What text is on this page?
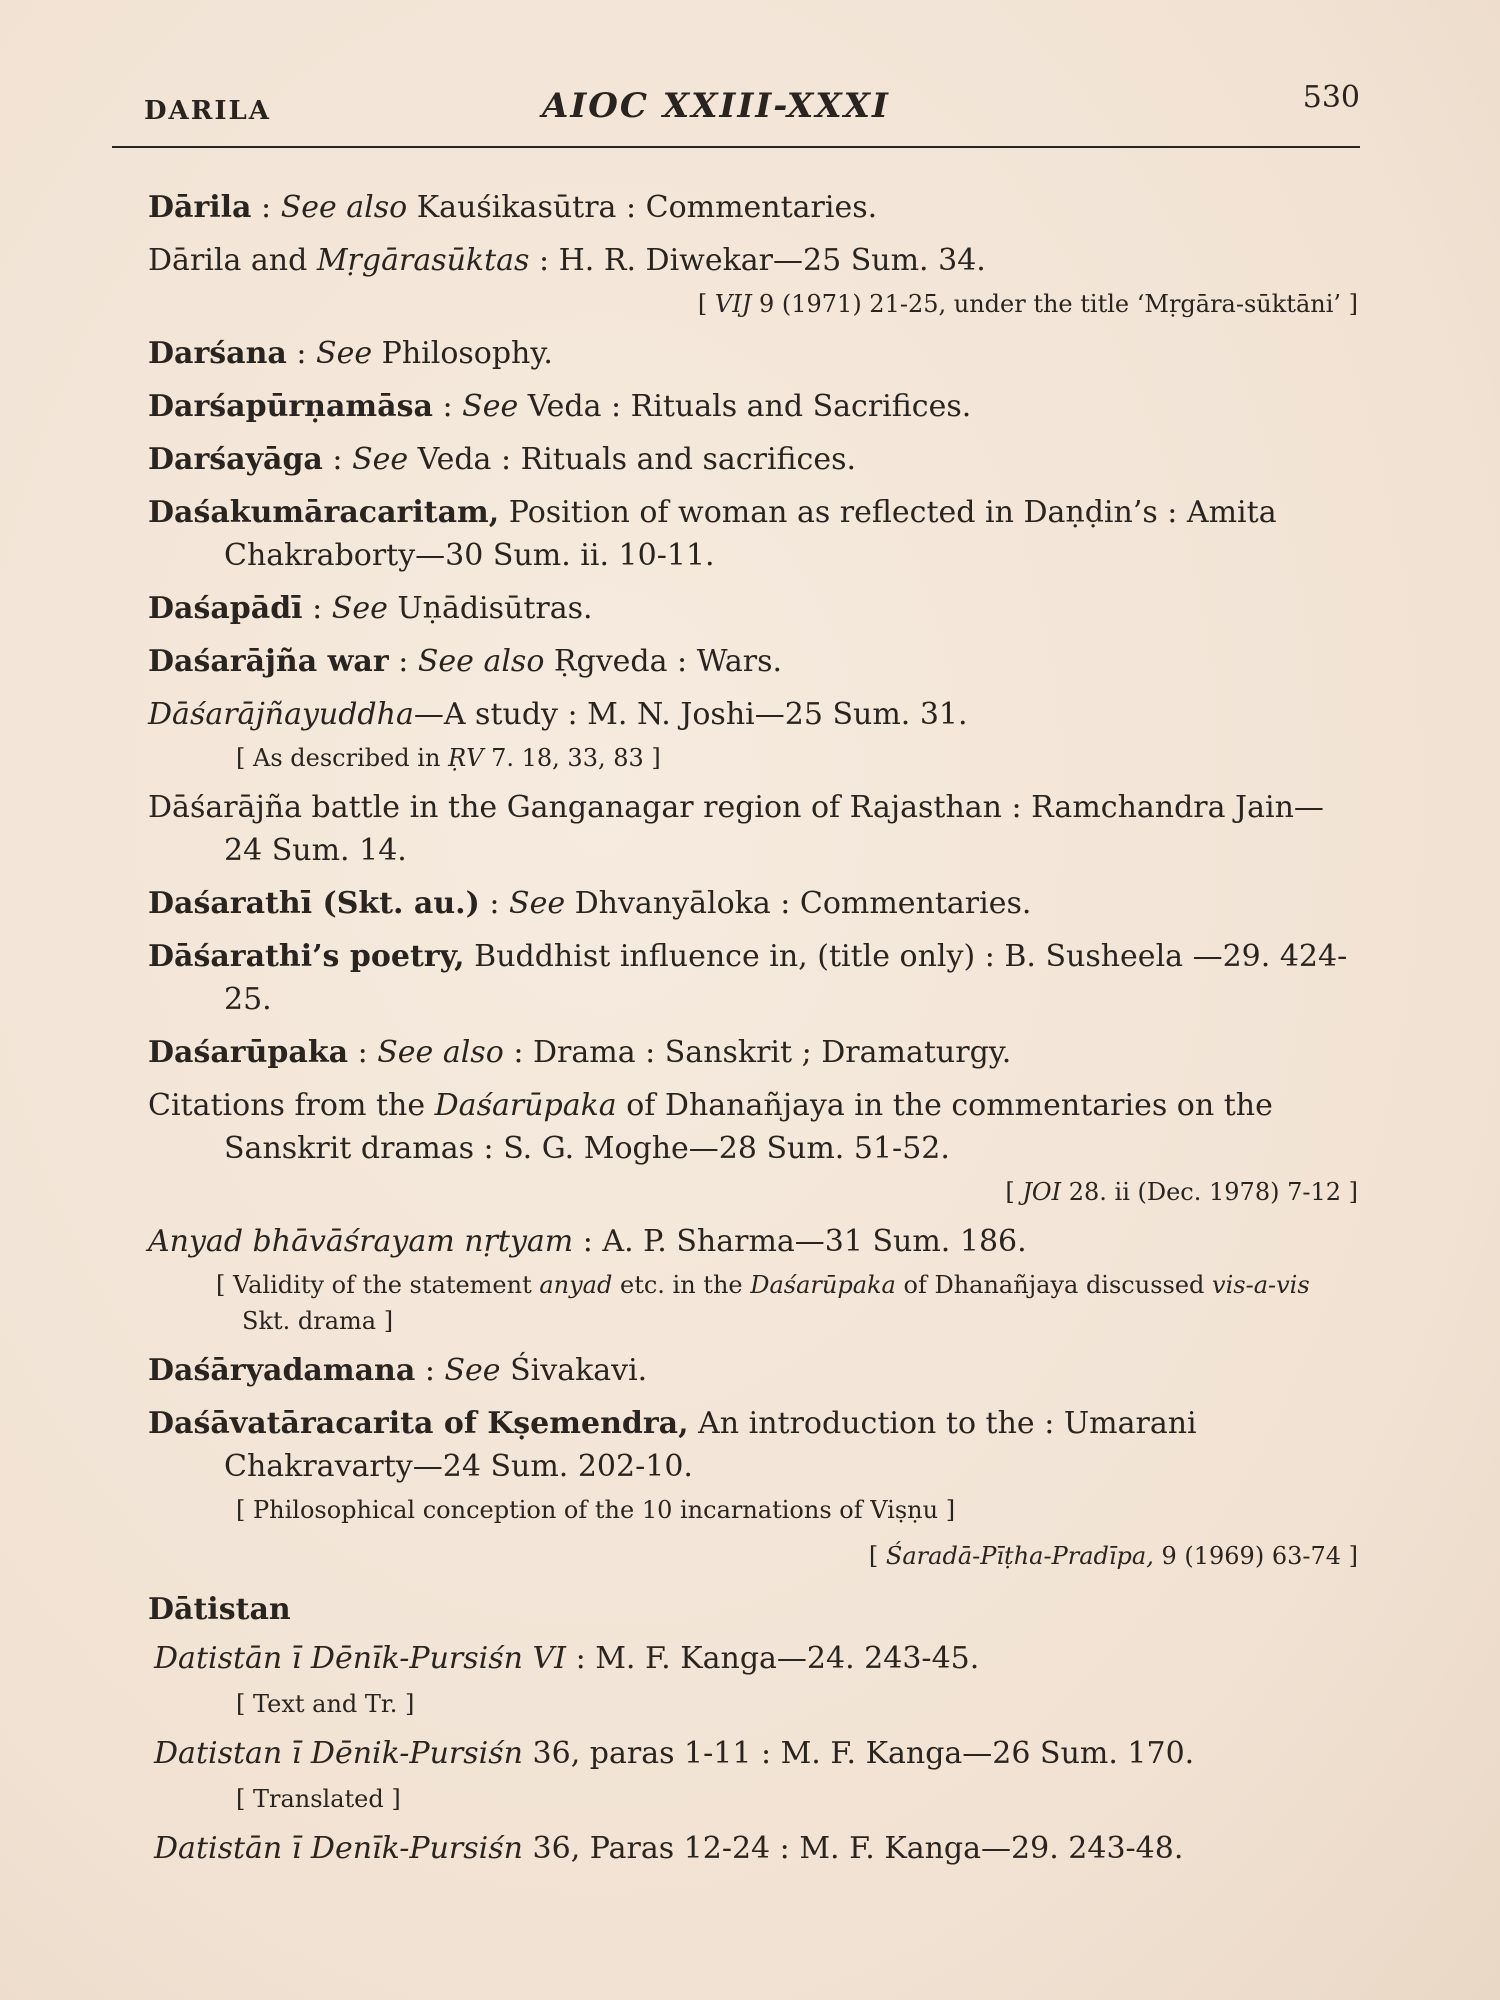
DARILA	AIOC XXIII-XXXI	530
Dārila : See also Kauśikasūtra : Commentaries.
Dārila and Mṛgārasūktas : H. R. Diwekar—25 Sum. 34.
[ VIJ 9 (1971) 21-25, under the title ‘Mṛgāra-sūktāni’ ]
Darśana : See Philosophy.
Darśapūrṇamāsa : See Veda : Rituals and Sacrifices.
Darśayāga : See Veda : Rituals and sacrifices.
Daśakumāracaritam, Position of woman as reflected in Daṇḍin’s : Amita Chakraborty—30 Sum. ii. 10-11.
Daśapādī : See Uṇādisūtras.
Daśarājña war : See also Ṛgveda : Wars.
Dāśarājñayuddha—A study : M. N. Joshi—25 Sum. 31.
[ As described in ṚV 7. 18, 33, 83 ]
Dāśarājña battle in the Ganganagar region of Rajasthan : Ramchandra Jain—24 Sum. 14.
Daśarathī (Skt. au.) : See Dhvanyāloka : Commentaries.
Dāśarathi’s poetry, Buddhist influence in, (title only) : B. Susheela —29. 424-25.
Daśarūpaka : See also : Drama : Sanskrit ; Dramaturgy.
Citations from the Daśarūpaka of Dhanañjaya in the commentaries on the Sanskrit dramas : S. G. Moghe—28 Sum. 51-52.
[ JOI 28. ii (Dec. 1978) 7-12 ]
Anyad bhāvāśrayam nṛtyam : A. P. Sharma—31 Sum. 186.
[ Validity of the statement anyad etc. in the Daśarūpaka of Dhanañjaya discussed vis-a-vis Skt. drama ]
Daśāryadamana : See Śivakavi.
Daśāvatāracarita of Kṣemendra, An introduction to the : Umarani Chakravarty—24 Sum. 202-10.
[ Philosophical conception of the 10 incarnations of Viṣṇu ]
[ Śaradā-Pīṭha-Pradīpa, 9 (1969) 63-74 ]
Dātistan
Datistān ī Dēnīk-Pursiśn VI : M. F. Kanga—24. 243-45.
[ Text and Tr. ]
Datistan ī Dēnik-Pursiśn 36, paras 1-11 : M. F. Kanga—26 Sum. 170.
[ Translated ]
Datistān ī Denīk-Pursiśn 36, Paras 12-24 : M. F. Kanga—29. 243-48.
